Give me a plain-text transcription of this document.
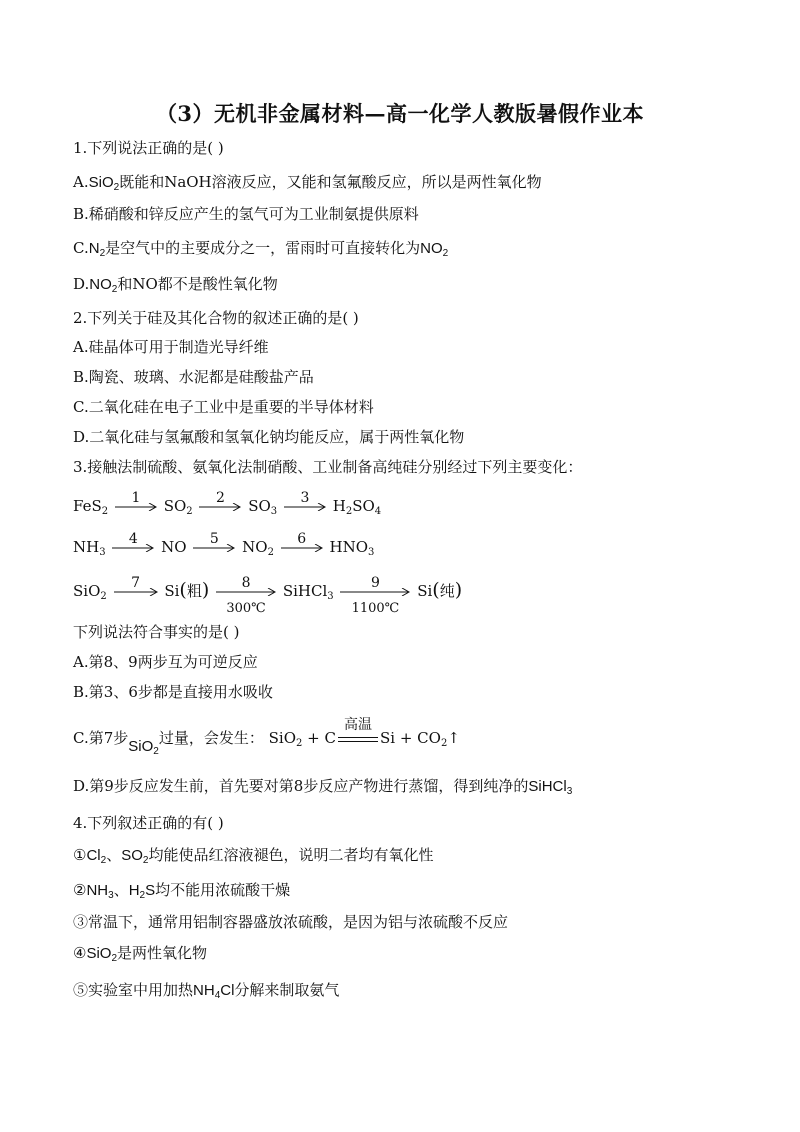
（3）无机非金属材料—高一化学人教版暑假作业本
1.下列说法正确的是( )
A.SiO$_2$既能和NaOH溶液反应，又能和氢氟酸反应，所以是两性氧化物
B.稀硝酸和锌反应产生的氢气可为工业制氨提供原料
$C.N_2$是空气中的主要成分之一，雷雨时可直接转化为$NO_2$
$D.NO_2$和NO都不是酸性氧化物
2.下列关于硅及其化合物的叙述正确的是( )
A.硅晶体可用于制造光导纤维
B.陶瓷、玻璃、水泥都是硅酸盐产品
C.二氧化硅在电子工业中是重要的半导体材料
D.二氧化硅与氢氟酸和氢氧化钠均能反应，属于两性氧化物
3.接触法制硫酸、氨氧化法制硝酸、工业制备高纯硅分别经过下列主要变化：
FeS$_2$
1	$SO_2$
2	$SO_3$
3	$H_2SO_4$
$NH_3$
4	NO	5	$NO_2$
6	$HNO_3$
SiO$_2$
7	Si(粗)	8
300℃
SiHCl$_3$
9
1100℃
Si(纯)
下列说法符合事实的是( )
A.第8、9两步互为可逆反应
B.第3、6步都是直接用水吸收
C.第7步SiO$_2$过量，会发生： SiO$_2$ + C
高温
$Si + CO_2↑$
D.第9步反应发生前，首先要对第8步反应产物进行蒸馏，得到纯净的SiHCl$_3$
4.下列叙述正确的有( )
$①Cl_2$、$SO_2$均能使品红溶液褪色，说明二者均有氧化性
$②NH_3$、$H_2S$均不能用浓硫酸干燥
③常温下，通常用铝制容器盛放浓硫酸，是因为铝与浓硫酸不反应
④SiO$_2$是两性氧化物
⑤实验室中用加热$NH_4Cl$分解来制取氨气
